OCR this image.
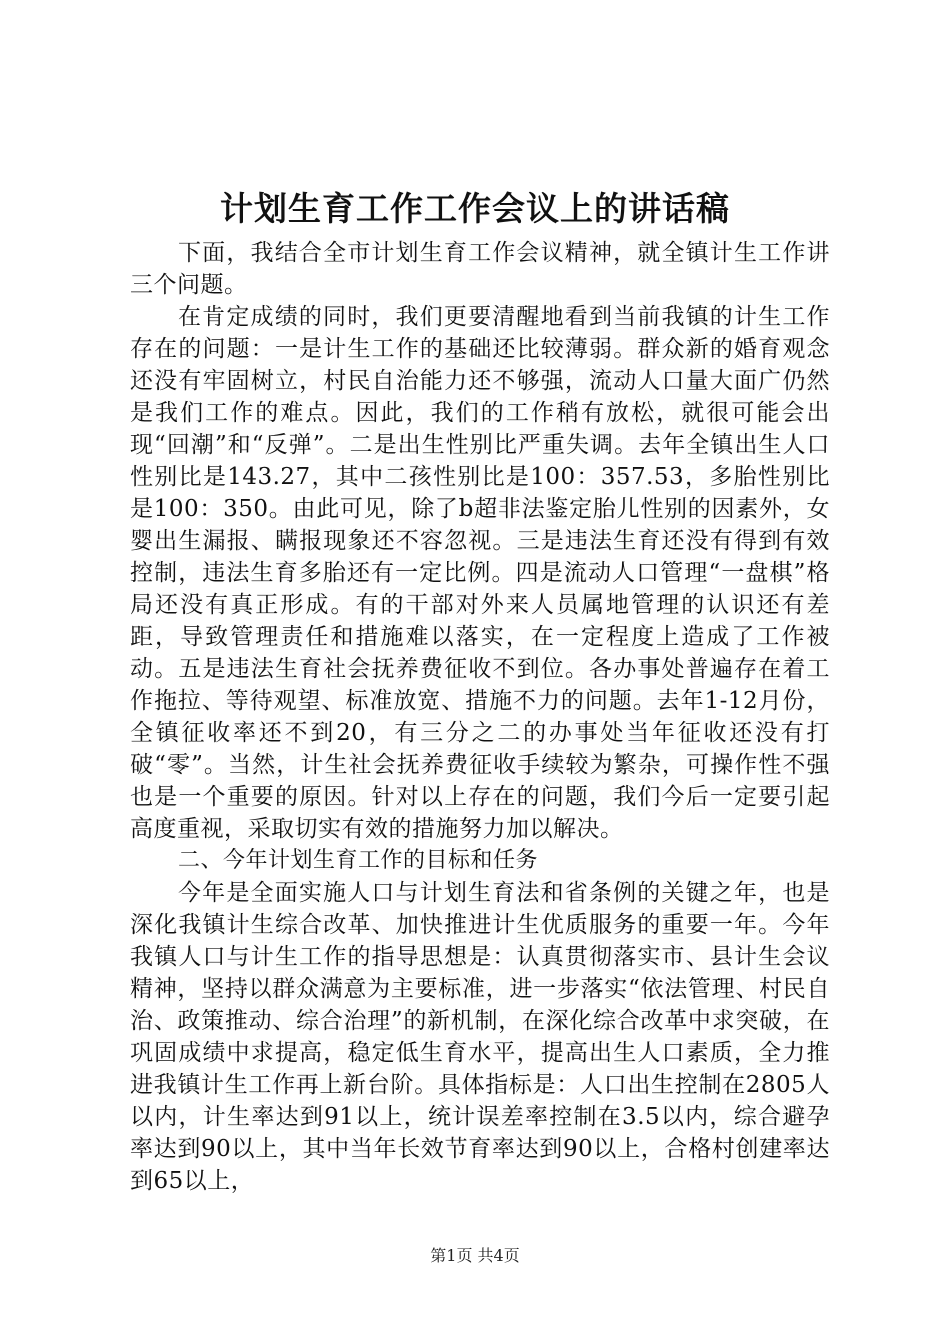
计划生育工作工作会议上的讲话稿

下面，我结合全市计划生育工作会议精神，就全镇计生工作讲三个问题。

在肯定成绩的同时，我们更要清醒地看到当前我镇的计生工作存在的问题：一是计生工作的基础还比较薄弱。群众新的婚育观念还没有牢固树立，村民自治能力还不够强，流动人口量大面广仍然是我们工作的难点。因此，我们的工作稍有放松，就很可能会出现“回潮”和“反弹”。二是出生性别比严重失调。去年全镇出生人口性别比是143.27，其中二孩性别比是100：357.53，多胎性别比是100：350。由此可见，除了b超非法鉴定胎儿性别的因素外，女婴出生漏报、瞒报现象还不容忽视。三是违法生育还没有得到有效控制，违法生育多胎还有一定比例。四是流动人口管理“一盘棋”格局还没有真正形成。有的干部对外来人员属地管理的认识还有差距，导致管理责任和措施难以落实，在一定程度上造成了工作被动。五是违法生育社会抚养费征收不到位。各办事处普遍存在着工作拖拉、等待观望、标准放宽、措施不力的问题。去年1-12月份，全镇征收率还不到20，有三分之二的办事处当年征收还没有打破“零”。当然，计生社会抚养费征收手续较为繁杂，可操作性不强也是一个重要的原因。针对以上存在的问题，我们今后一定要引起高度重视，采取切实有效的措施努力加以解决。

二、今年计划生育工作的目标和任务

今年是全面实施人口与计划生育法和省条例的关键之年，也是深化我镇计生综合改革、加快推进计生优质服务的重要一年。今年我镇人口与计生工作的指导思想是：认真贯彻落实市、县计生会议精神，坚持以群众满意为主要标准，进一步落实“依法管理、村民自治、政策推动、综合治理”的新机制，在深化综合改革中求突破，在巩固成绩中求提高，稳定低生育水平，提高出生人口素质，全力推进我镇计生工作再上新台阶。具体指标是：人口出生控制在2805人以内，计生率达到91以上，统计误差率控制在3.5以内，综合避孕率达到90以上，其中当年长效节育率达到90以上，合格村创建率达到65以上，

第1页 共4页
